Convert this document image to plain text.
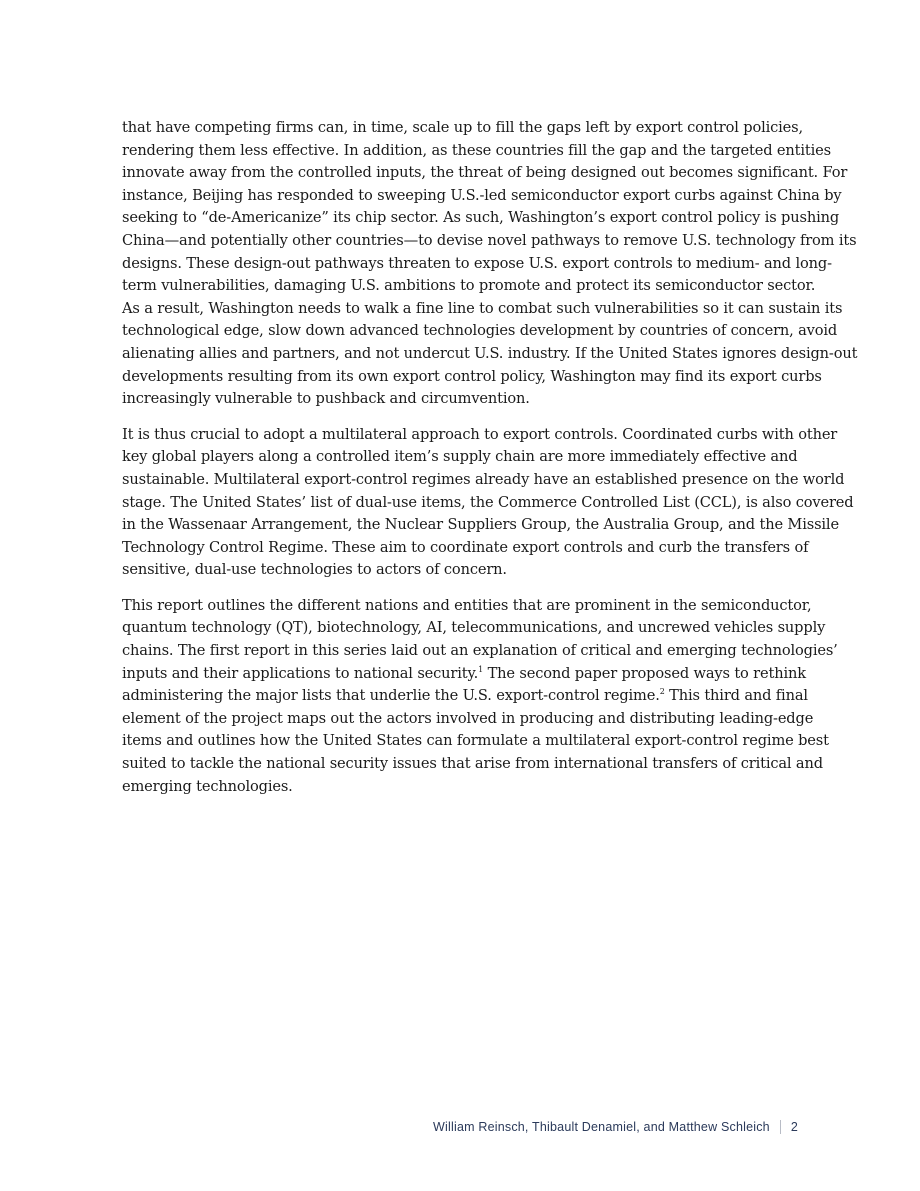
that have competing firms can, in time, scale up to fill the gaps left by export control policies,
rendering them less effective. In addition, as these countries fill the gap and the targeted entities
innovate away from the controlled inputs, the threat of being designed out becomes significant. For
instance, Beijing has responded to sweeping U.S.-led semiconductor export curbs against China by
seeking to “de-Americanize” its chip sector. As such, Washington’s export control policy is pushing
China—and potentially other countries—to devise novel pathways to remove U.S. technology from its
designs. These design-out pathways threaten to expose U.S. export controls to medium- and long-
term vulnerabilities, damaging U.S. ambitions to promote and protect its semiconductor sector.
As a result, Washington needs to walk a fine line to combat such vulnerabilities so it can sustain its
technological edge, slow down advanced technologies development by countries of concern, avoid
alienating allies and partners, and not undercut U.S. industry. If the United States ignores design-out
developments resulting from its own export control policy, Washington may find its export curbs
increasingly vulnerable to pushback and circumvention.

It is thus crucial to adopt a multilateral approach to export controls. Coordinated curbs with other
key global players along a controlled item’s supply chain are more immediately effective and
sustainable. Multilateral export-control regimes already have an established presence on the world
stage. The United States’ list of dual-use items, the Commerce Controlled List (CCL), is also covered
in the Wassenaar Arrangement, the Nuclear Suppliers Group, the Australia Group, and the Missile
Technology Control Regime. These aim to coordinate export controls and curb the transfers of
sensitive, dual-use technologies to actors of concern.

This report outlines the different nations and entities that are prominent in the semiconductor,
quantum technology (QT), biotechnology, AI, telecommunications, and uncrewed vehicles supply
chains. The first report in this series laid out an explanation of critical and emerging technologies’
inputs and their applications to national security.$^1$ The second paper proposed ways to rethink
administering the major lists that underlie the U.S. export-control regime.$^2$ This third and final
element of the project maps out the actors involved in producing and distributing leading-edge
items and outlines how the United States can formulate a multilateral export-control regime best
suited to tackle the national security issues that arise from international transfers of critical and
emerging technologies.

William Reinsch, Thibault Denamiel, and Matthew Schleich 2
